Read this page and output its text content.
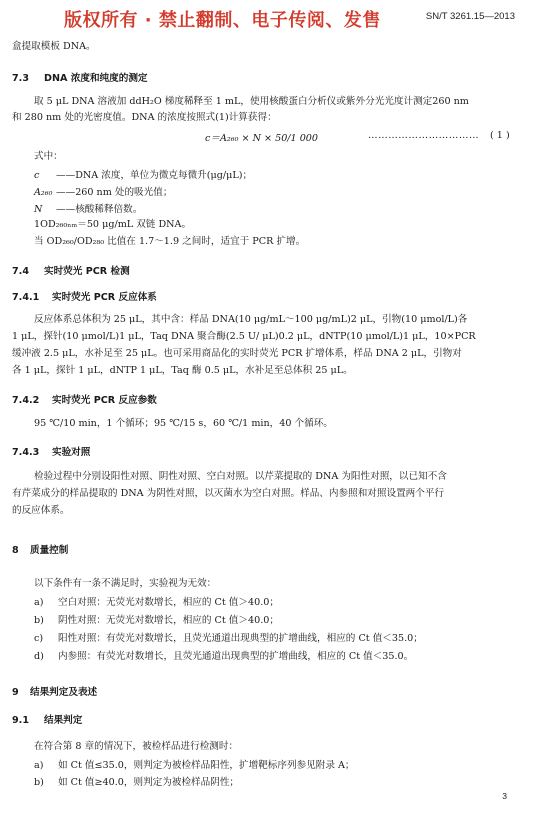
版权所有 · 禁止翻制、电子传阅、发售	SN/T 3261.15—2013
盒提取模板 DNA。
7.3 DNA 浓度和纯度的测定
取 5 μL DNA 溶液加 ddH₂O 梯度稀释至 1 mL，使用核酸蛋白分析仪或紫外分光光度计测定260 nm
和 280 nm 处的光密度值。DNA 的浓度按照式(1)计算获得：
c＝A₂₆₀ × N × 50/1 000	…………………………… ( 1 )
式中：
c ——DNA 浓度，单位为微克每微升(μg/μL)；
A₂₆₀ ——260 nm 处的吸光值；
N ——核酸稀释倍数。
1OD₂₆₀ₙₘ＝50 μg/mL 双链 DNA。
当 OD₂₆₀/OD₂₈₀ 比值在 1.7～1.9 之间时，适宜于 PCR 扩增。
7.4 实时荧光 PCR 检测
7.4.1 实时荧光 PCR 反应体系
反应体系总体积为 25 μL，其中含：样品 DNA(10 μg/mL～100 μg/mL)2 μL，引物(10 μmol/L)各
1 μL，探针(10 μmol/L)1 μL，Taq DNA 聚合酶(2.5 U/ μL)0.2 μL，dNTP(10 μmol/L)1 μL，10×PCR
缓冲液 2.5 μL，水补足至 25 μL。也可采用商品化的实时荧光 PCR 扩增体系，样品 DNA 2 μL，引物对
各 1 μL，探针 1 μL，dNTP 1 μL，Taq 酶 0.5 μL，水补足至总体积 25 μL。
7.4.2 实时荧光 PCR 反应参数
95 ℃/10 min，1 个循环；95 ℃/15 s，60 ℃/1 min，40 个循环。
7.4.3 实验对照
检验过程中分别设阳性对照、阴性对照、空白对照。以芹菜提取的 DNA 为阳性对照，以已知不含
有芹菜成分的样品提取的 DNA 为阴性对照，以灭菌水为空白对照。样品、内参照和对照设置两个平行
的反应体系。
8 质量控制
以下条件有一条不满足时，实验视为无效：
a) 空白对照：无荧光对数增长，相应的 Ct 值＞40.0；
b) 阴性对照：无荧光对数增长，相应的 Ct 值＞40.0；
c) 阳性对照：有荧光对数增长，且荧光通道出现典型的扩增曲线，相应的 Ct 值＜35.0；
d) 内参照：有荧光对数增长，且荧光通道出现典型的扩增曲线，相应的 Ct 值＜35.0。
9 结果判定及表述
9.1 结果判定
在符合第 8 章的情况下，被检样品进行检测时：
a) 如 Ct 值≤35.0，则判定为被检样品阳性，扩增靶标序列参见附录 A；
b) 如 Ct 值≥40.0，则判定为被检样品阴性；
3
